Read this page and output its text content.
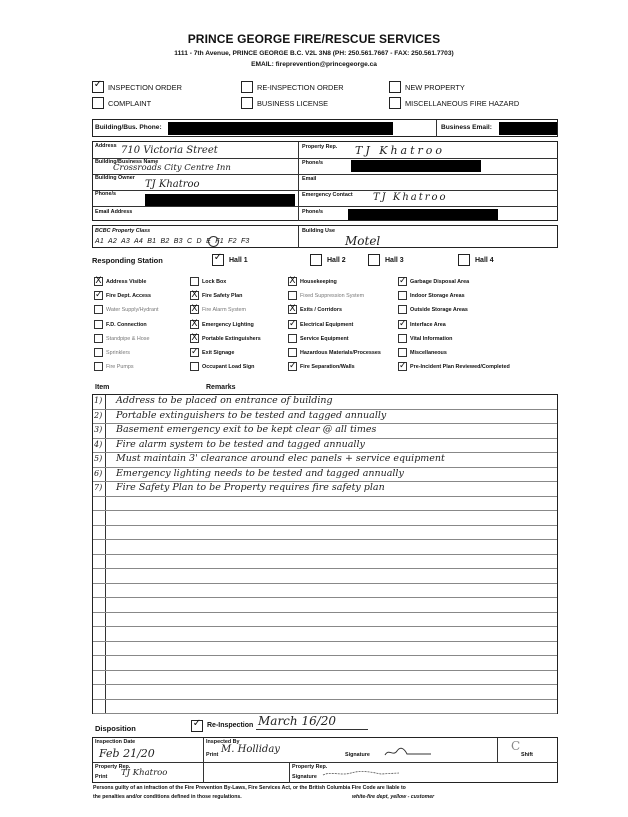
PRINCE GEORGE FIRE/RESCUE SERVICES
1111 - 7th Avenue, PRINCE GEORGE B.C. V2L 3N8 (PH: 250.561.7667 - FAX: 250.561.7703)
EMAIL: fireprevention@princegeorge.ca
✓ INSPECTION ORDER	RE-INSPECTION ORDER	NEW PROPERTY
COMPLAINT	BUSINESS LICENSE	MISCELLANEOUS FIRE HAZARD
Building/Bus. Phone:	Business Email:
Address 710 Victoria Street
Building/Business Name
Crossroads City Centre Inn
Building Owner
TJ Khatroo
Phone/s
Email Address
Property Rep. TJ Khatroo
Phone/s
Email
Emergency Contact TJ Khatroo
Phone/s
BCBC Property Class
A1  A2  A3  A4  B1  B2  B3  C  D  E  F1  F2  F3
Building Use
Motel
Responding Station	✓ Hall 1	Hall 2	Hall 3	Hall 4
X Address Visible
✓ Fire Dept. Access
Water Supply/Hydrant
F.D. Connection
Standpipe & Hose
Sprinklers
Fire Pumps
Lock Box
X Fire Safety Plan
X Fire Alarm System
X Emergency Lighting
X Portable Extinguishers
✓ Exit Signage
Occupant Load Sign
X Housekeeping
Fixed Suppression System
X Exits / Corridors
✓ Electrical Equipment
Service Equipment
Hazardous Materials/Processes
✓ Fire Separation/Walls
✓ Garbage Disposal Area
Indoor Storage Areas
Outside Storage Areas
✓ Interface Area
Vital Information
Miscellaneous
✓ Pre-Incident Plan Reviewed/Completed
Item	Remarks
1) Address to be placed on entrance of building
2) Portable extinguishers to be tested and tagged annually
3) Basement emergency exit to be kept clear @ all times
4) Fire alarm system to be tested and tagged annually
5) Must maintain 3' clearance around elec panels + service equipment
6) Emergency lighting needs to be tested and tagged annually
7) Fire Safety Plan to be Property requires fire safety plan
Disposition	✓ Re-Inspection March 16/20
Inspection Date
Feb 21/20
Inspected By
Print M. Holliday	Signature
C
Shift
Property Rep.
Print TJ Khatroo
Property Rep.
Signature
Persons guilty of an infraction of the Fire Prevention By-Laws, Fire Services Act, or the British Columbia Fire Code are liable to
the penalties and/or conditions defined in those regulations.	white-fire dept, yellow - customer
